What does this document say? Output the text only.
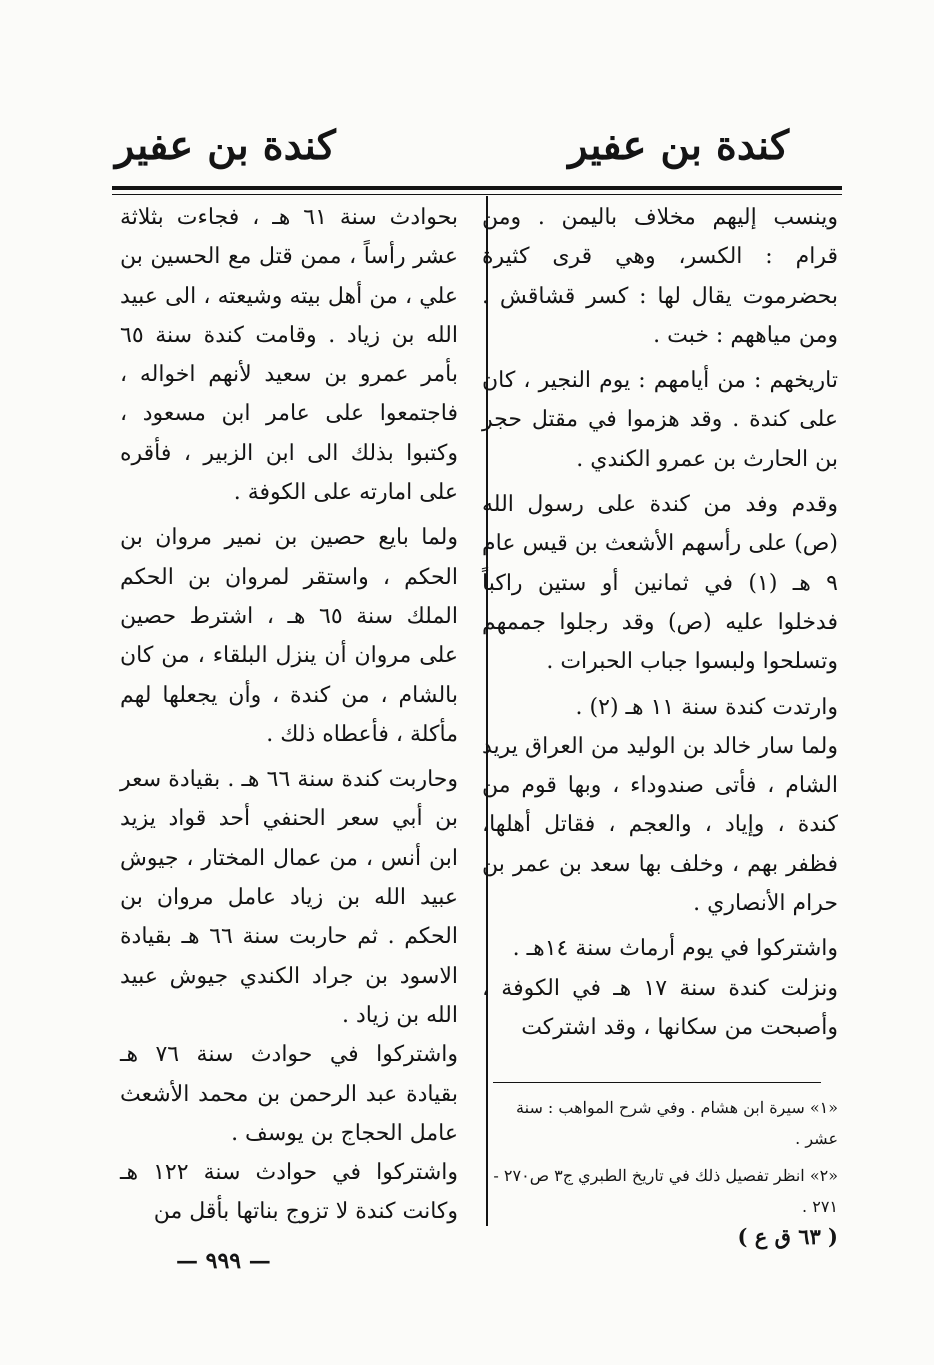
كندة بن عفير
كندة بن عفير

وينسب إليهم مخلاف باليمن . ومن قرام : الكسر، وهي قرى كثيرة بحضرموت يقال لها : كسر قشاقش . ومن مياههم : خبت .

تاريخهم : من أيامهم : يوم النجير ، كان على كندة . وقد هزموا في مقتل حجر بن الحارث بن عمرو الكندي .

وقدم وفد من كندة على رسول الله (ص) على رأسهم الأشعث بن قيس عام ٩ هـ (١) في ثمانين أو ستين راكباً فدخلوا عليه (ص) وقد رجلوا جممهم وتسلحوا ولبسوا جباب الحبرات .

وارتدت كندة سنة ١١ هـ (٢) .

ولما سار خالد بن الوليد من العراق يريد الشام ، فأتى صندوداء ، وبها قوم من كندة ، وإياد ، والعجم ، فقاتل أهلها، فظفر بهم ، وخلف بها سعد بن عمر بن حرام الأنصاري .

واشتركوا في يوم أرماث سنة ١٤هـ .

ونزلت كندة سنة ١٧ هـ في الكوفة ، وأصبحت من سكانها ، وقد اشتركت

بحوادث سنة ٦١ هـ ، فجاءت بثلاثة عشر رأساً ، ممن قتل مع الحسين بن علي ، من أهل بيته وشيعته ، الى عبيد الله بن زياد . وقامت كندة سنة ٦٥ بأمر عمرو بن سعيد لأنهم اخواله ، فاجتمعوا على عامر ابن مسعود ، وكتبوا بذلك الى ابن الزبير ، فأقره على امارته على الكوفة .

ولما بايع حصين بن نمير مروان بن الحكم ، واستقر لمروان بن الحكم الملك سنة ٦٥ هـ ، اشترط حصين على مروان أن ينزل البلقاء ، من كان بالشام ، من كندة ، وأن يجعلها لهم مأكلة ، فأعطاه ذلك .

وحاربت كندة سنة ٦٦ هـ . بقيادة سعر بن أبي سعر الحنفي أحد قواد يزيد ابن أنس ، من عمال المختار ، جيوش عبيد الله بن زياد عامل مروان بن الحكم . ثم حاربت سنة ٦٦ هـ بقيادة الاسود بن جراد الكندي جيوش عبيد الله بن زياد .

واشتركوا في حوادث سنة ٧٦ هـ بقيادة عبد الرحمن بن محمد الأشعث عامل الحجاج بن يوسف .

واشتركوا في حوادث سنة ١٢٢ هـ وكانت كندة لا تزوج بناتها بأقل من

«١» سيرة ابن هشام . وفي شرح المواهب : سنة عشر .

«٢» انظر تفصيل ذلك في تاريخ الطبري ج٣ ص٢٧٠ - ٢٧١ .

( ٦٣ ق ع )
— ٩٩٩ —
